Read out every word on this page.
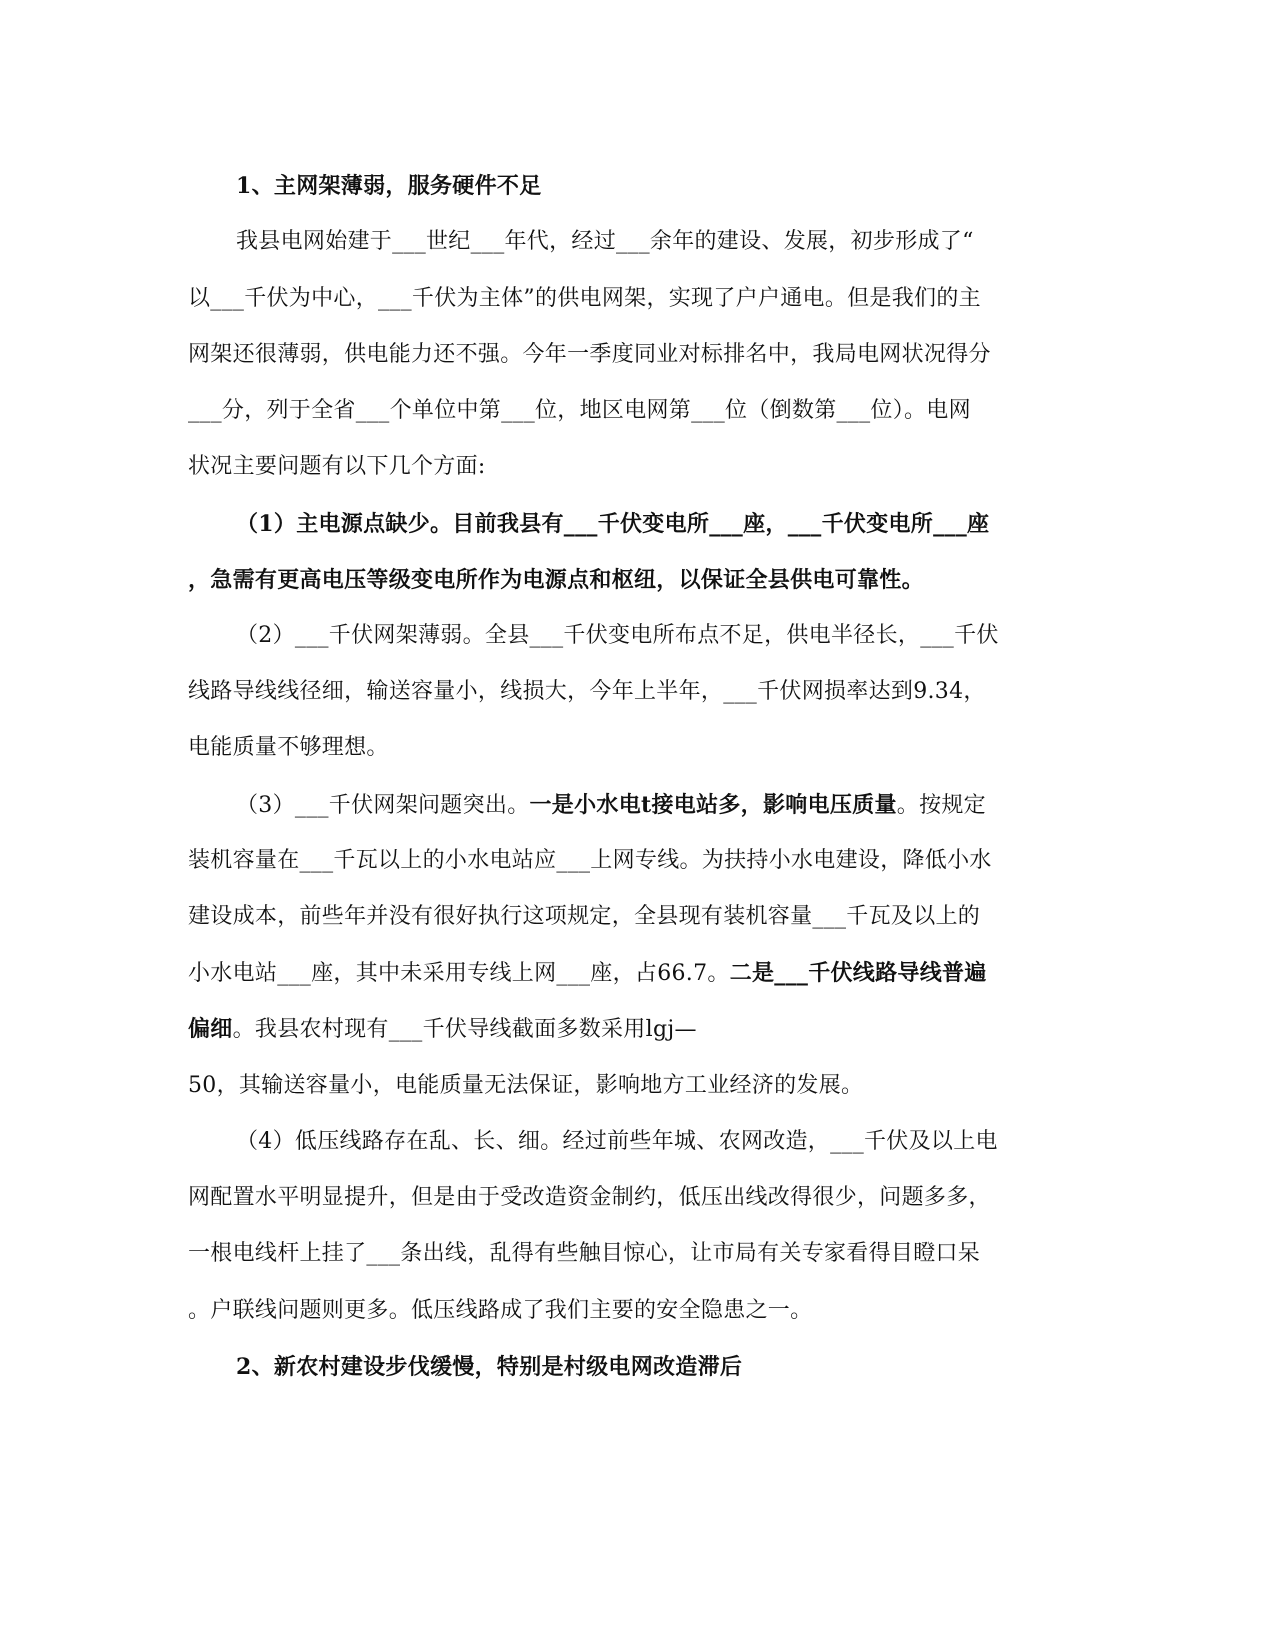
1、主网架薄弱，服务硬件不足
我县电网始建于___世纪___年代，经过___余年的建设、发展，初步形成了“
以___千伏为中心，___千伏为主体”的供电网架，实现了户户通电。但是我们的主
网架还很薄弱，供电能力还不强。今年一季度同业对标排名中，我局电网状况得分
___分，列于全省___个单位中第___位，地区电网第___位（倒数第___位）。电网
状况主要问题有以下几个方面:
（1）主电源点缺少。目前我县有___千伏变电所___座，___千伏变电所___座
，急需有更高电压等级变电所作为电源点和枢纽，以保证全县供电可靠性。
（2）___千伏网架薄弱。全县___千伏变电所布点不足，供电半径长，___千伏
线路导线线径细，输送容量小，线损大，今年上半年，___千伏网损率达到9.34，
电能质量不够理想。
（3）___千伏网架问题突出。一是小水电t接电站多，影响电压质量。按规定
装机容量在___千瓦以上的小水电站应___上网专线。为扶持小水电建设，降低小水
建设成本，前些年并没有很好执行这项规定，全县现有装机容量___千瓦及以上的
小水电站___座，其中未采用专线上网___座，占66.7。二是___千伏线路导线普遍
偏细。我县农村现有___千伏导线截面多数采用lgj—
50，其输送容量小，电能质量无法保证，影响地方工业经济的发展。
（4）低压线路存在乱、长、细。经过前些年城、农网改造，___千伏及以上电
网配置水平明显提升，但是由于受改造资金制约，低压出线改得很少，问题多多，
一根电线杆上挂了___条出线，乱得有些触目惊心，让市局有关专家看得目瞪口呆
。户联线问题则更多。低压线路成了我们主要的安全隐患之一。
2、新农村建设步伐缓慢，特别是村级电网改造滞后
